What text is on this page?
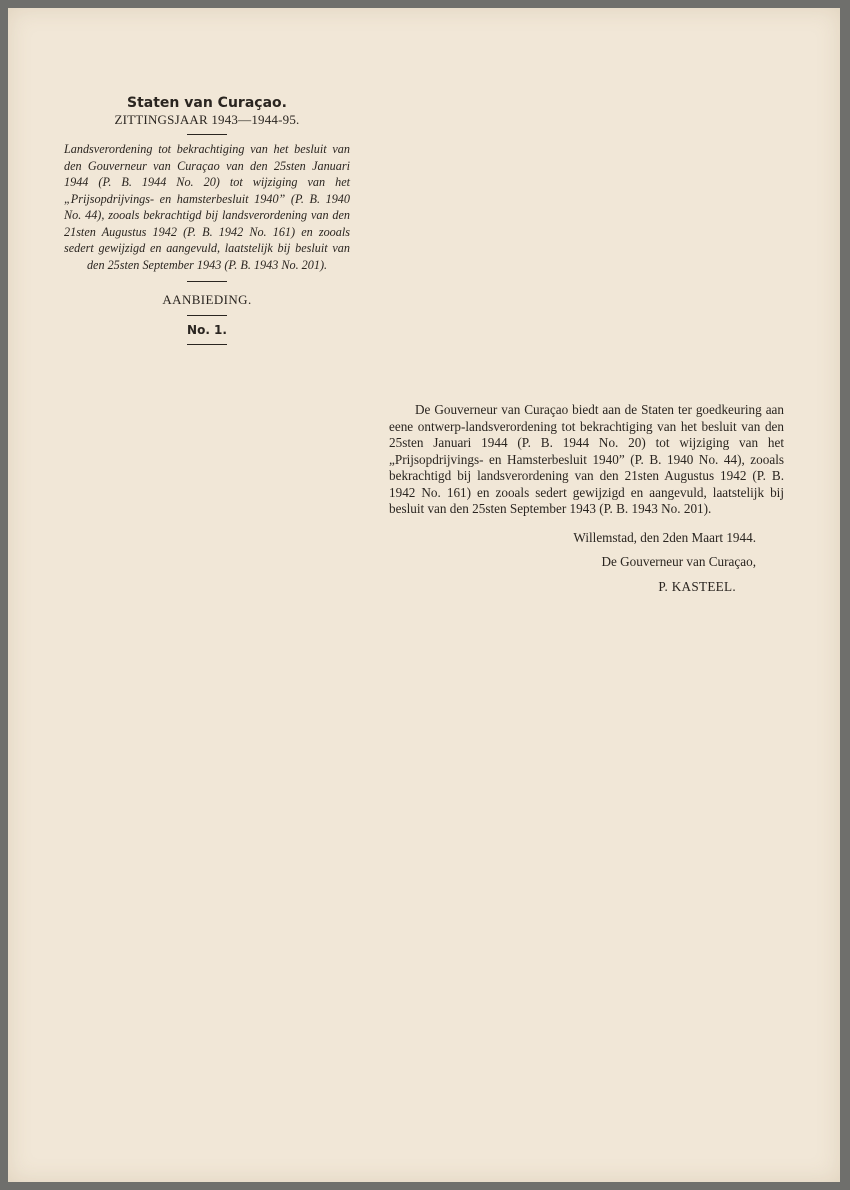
Staten van Curaçao.
ZITTINGSJAAR 1943—1944-95.
Landsverordening tot bekrachtiging van het besluit van den Gouverneur van Curaçao van den 25sten Januari 1944 (P. B. 1944 No. 20) tot wijziging van het „Prijsopdrijvings- en hamsterbesluit 1940” (P. B. 1940 No. 44), zooals bekrachtigd bij landsverordening van den 21sten Augustus 1942 (P. B. 1942 No. 161) en zooals sedert gewijzigd en aangevuld, laatstelijk bij besluit van den 25sten September 1943 (P. B. 1943 No. 201).
AANBIEDING.
No. 1.

De Gouverneur van Curaçao biedt aan de Staten ter goedkeuring aan eene ontwerp-landsverordening tot bekrachtiging van het besluit van den 25sten Januari 1944 (P. B. 1944 No. 20) tot wijziging van het „Prijsopdrijvings- en Hamsterbesluit 1940” (P. B. 1940 No. 44), zooals bekrachtigd bij landsverordening van den 21sten Augustus 1942 (P. B. 1942 No. 161) en zooals sedert gewijzigd en aangevuld, laatstelijk bij besluit van den 25sten September 1943 (P. B. 1943 No. 201).

Willemstad, den 2den Maart 1944.

De Gouverneur van Curaçao,

P. KASTEEL.
